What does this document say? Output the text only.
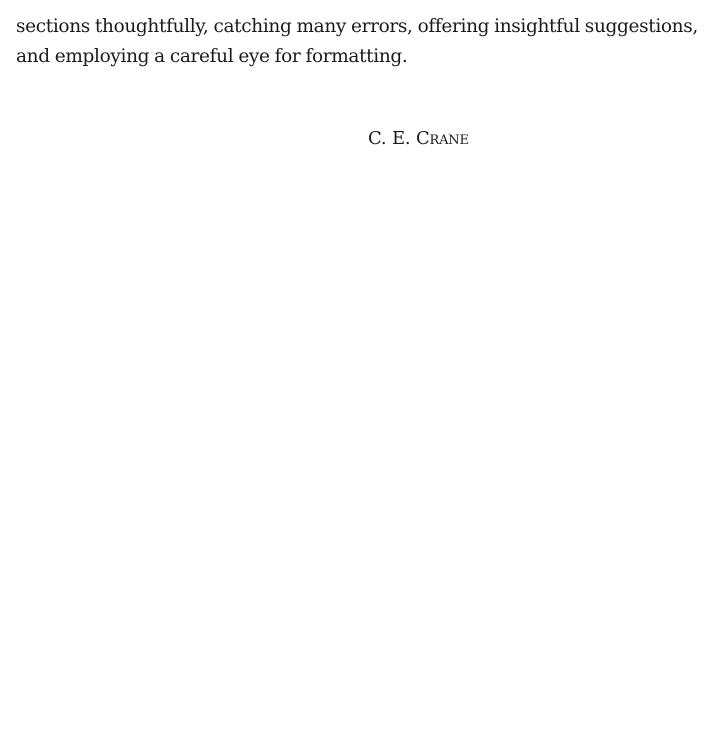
sections thoughtfully, catching many errors, offering insightful suggestions, and employing a careful eye for formatting.

C. E. Crane
